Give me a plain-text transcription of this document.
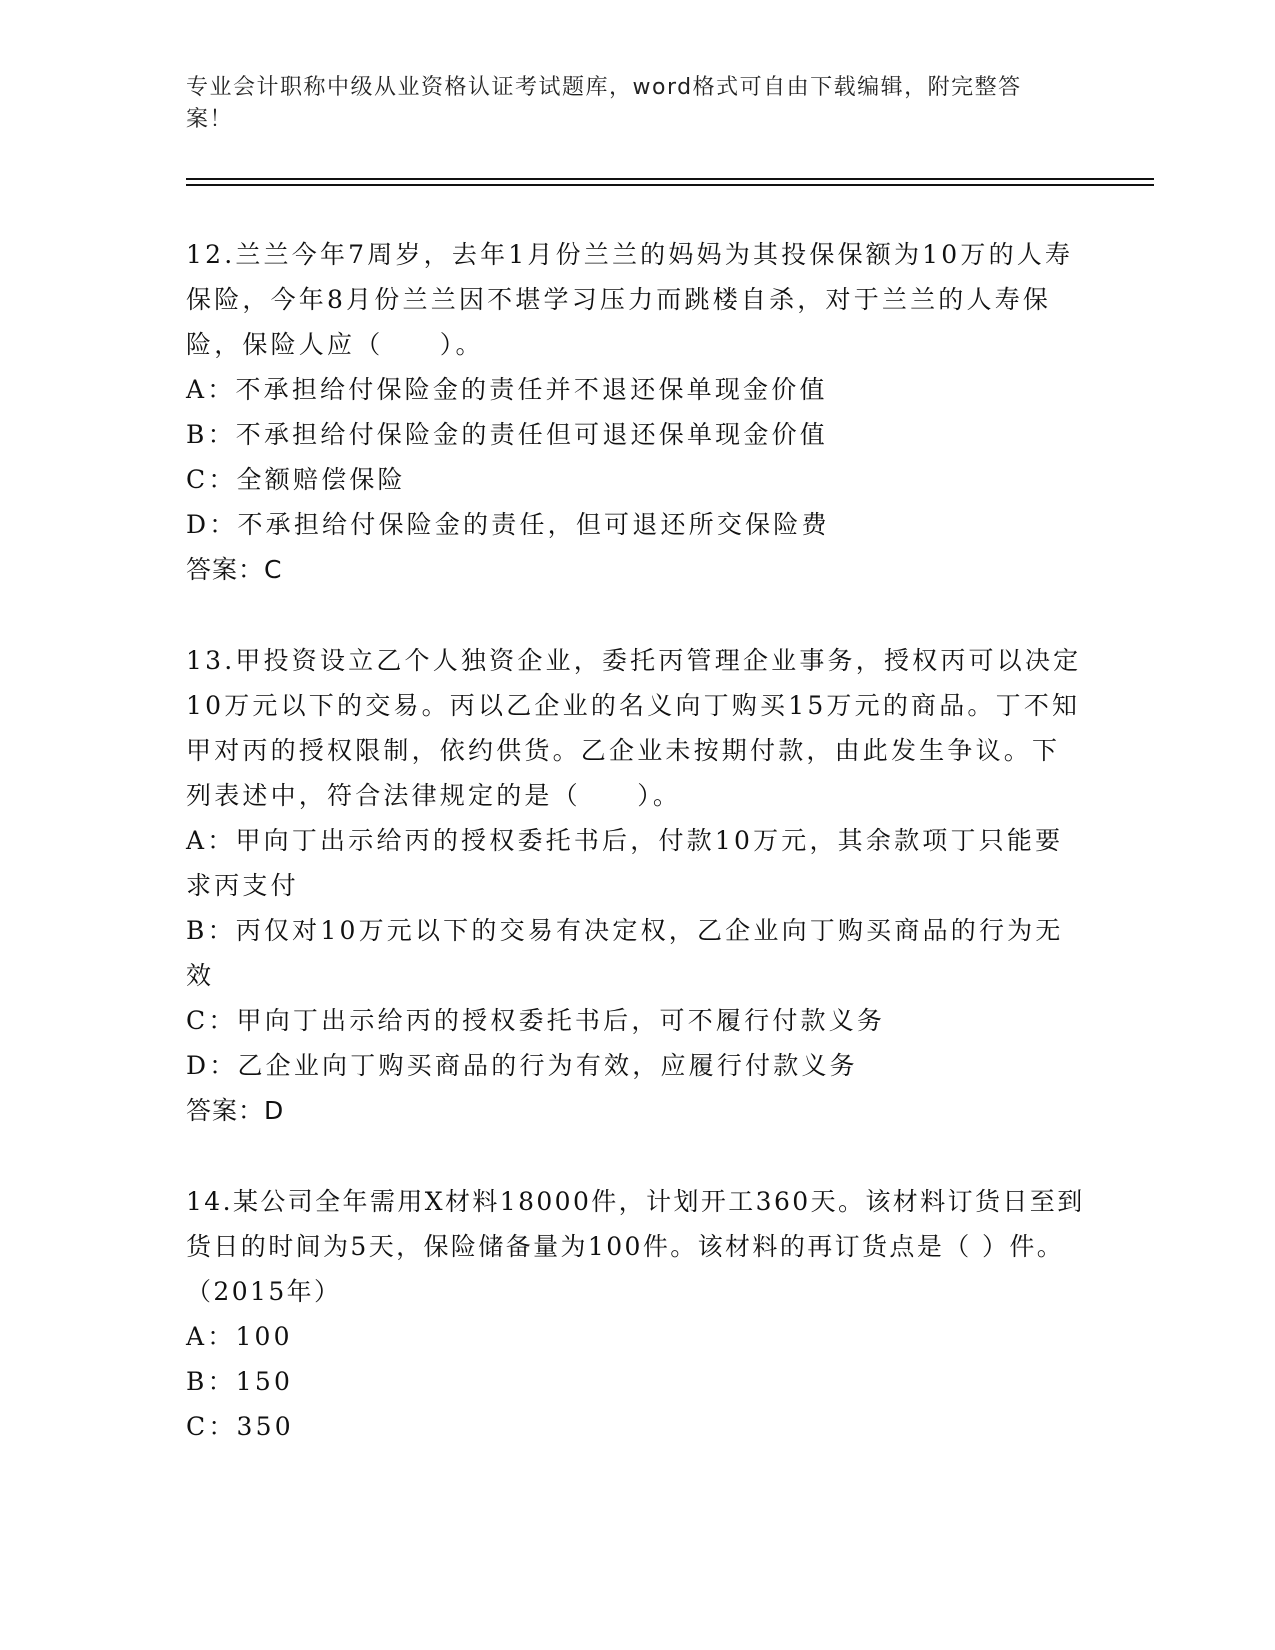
专业会计职称中级从业资格认证考试题库，word格式可自由下载编辑，附完整答案！

12.兰兰今年7周岁，去年1月份兰兰的妈妈为其投保保额为10万的人寿保险，今年8月份兰兰因不堪学习压力而跳楼自杀，对于兰兰的人寿保险，保险人应（　　）。

A：不承担给付保险金的责任并不退还保单现金价值

B：不承担给付保险金的责任但可退还保单现金价值

C：全额赔偿保险

D：不承担给付保险金的责任，但可退还所交保险费

答案：C

13.甲投资设立乙个人独资企业，委托丙管理企业事务，授权丙可以决定10万元以下的交易。丙以乙企业的名义向丁购买15万元的商品。丁不知甲对丙的授权限制，依约供货。乙企业未按期付款，由此发生争议。下列表述中，符合法律规定的是（　　）。

A：甲向丁出示给丙的授权委托书后，付款10万元，其余款项丁只能要求丙支付

B：丙仅对10万元以下的交易有决定权，乙企业向丁购买商品的行为无效

C：甲向丁出示给丙的授权委托书后，可不履行付款义务

D：乙企业向丁购买商品的行为有效，应履行付款义务

答案：D

14.某公司全年需用X材料18000件，计划开工360天。该材料订货日至到货日的时间为5天，保险储备量为100件。该材料的再订货点是（ ）件。（2015年）

A：100

B：150

C：350
